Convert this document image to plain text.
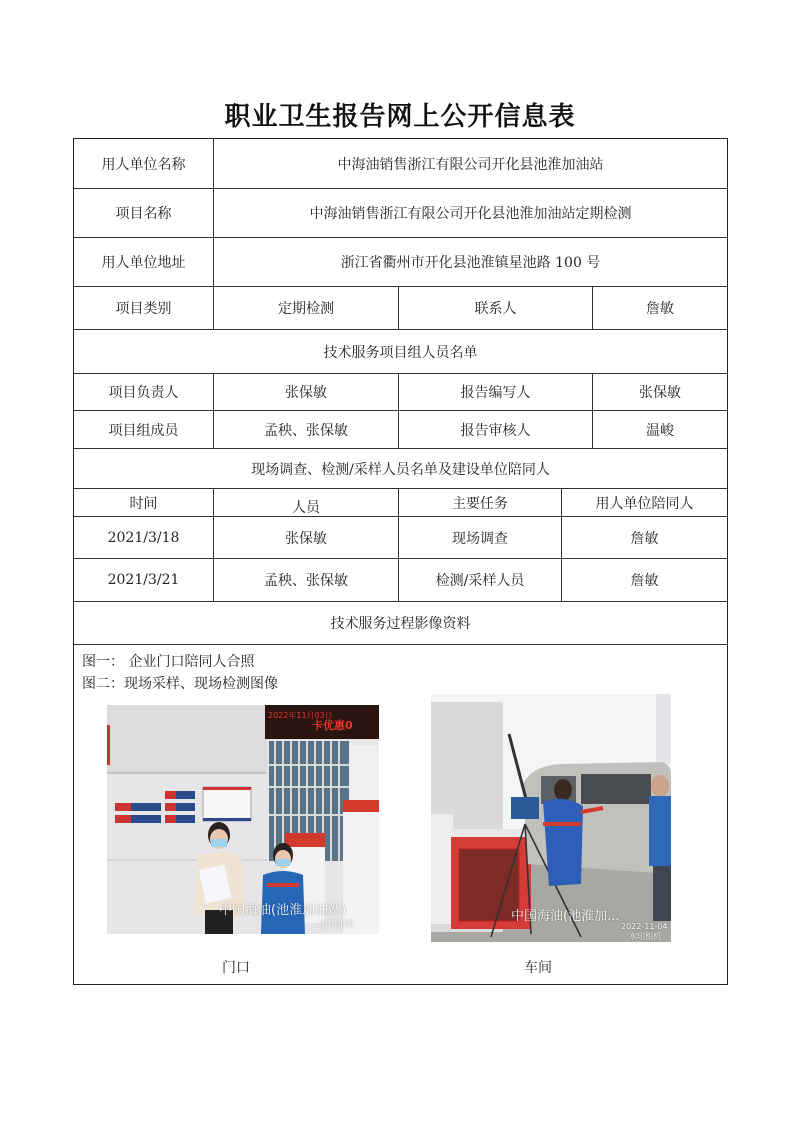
职业卫生报告网上公开信息表
用人单位名称	中海油销售浙江有限公司开化县池淮加油站
项目名称	中海油销售浙江有限公司开化县池淮加油站定期检测
用人单位地址	浙江省衢州市开化县池淮镇星池路 100 号
项目类别	定期检测	联系人	詹敏
技术服务项目组人员名单
项目负责人	张保敏	报告编写人	张保敏
项目组成员	孟秧、张保敏	报告审核人	温峻
现场调查、检测/采样人员名单及建设单位陪同人
时间	人员	主要任务	用人单位陪同人
2021/3/18	张保敏	现场调查	詹敏
2021/3/21	孟秧、张保敏	检测/采样人员	詹敏
技术服务过程影像资料
图一： 企业门口陪同人合照
图二：现场采样、现场检测图像
2022年11月03日
卡优惠0
中国海油(池淮加油站)
水印相机
门口
中国海油(池淮加...
2022-11-04
水印相机
车间
